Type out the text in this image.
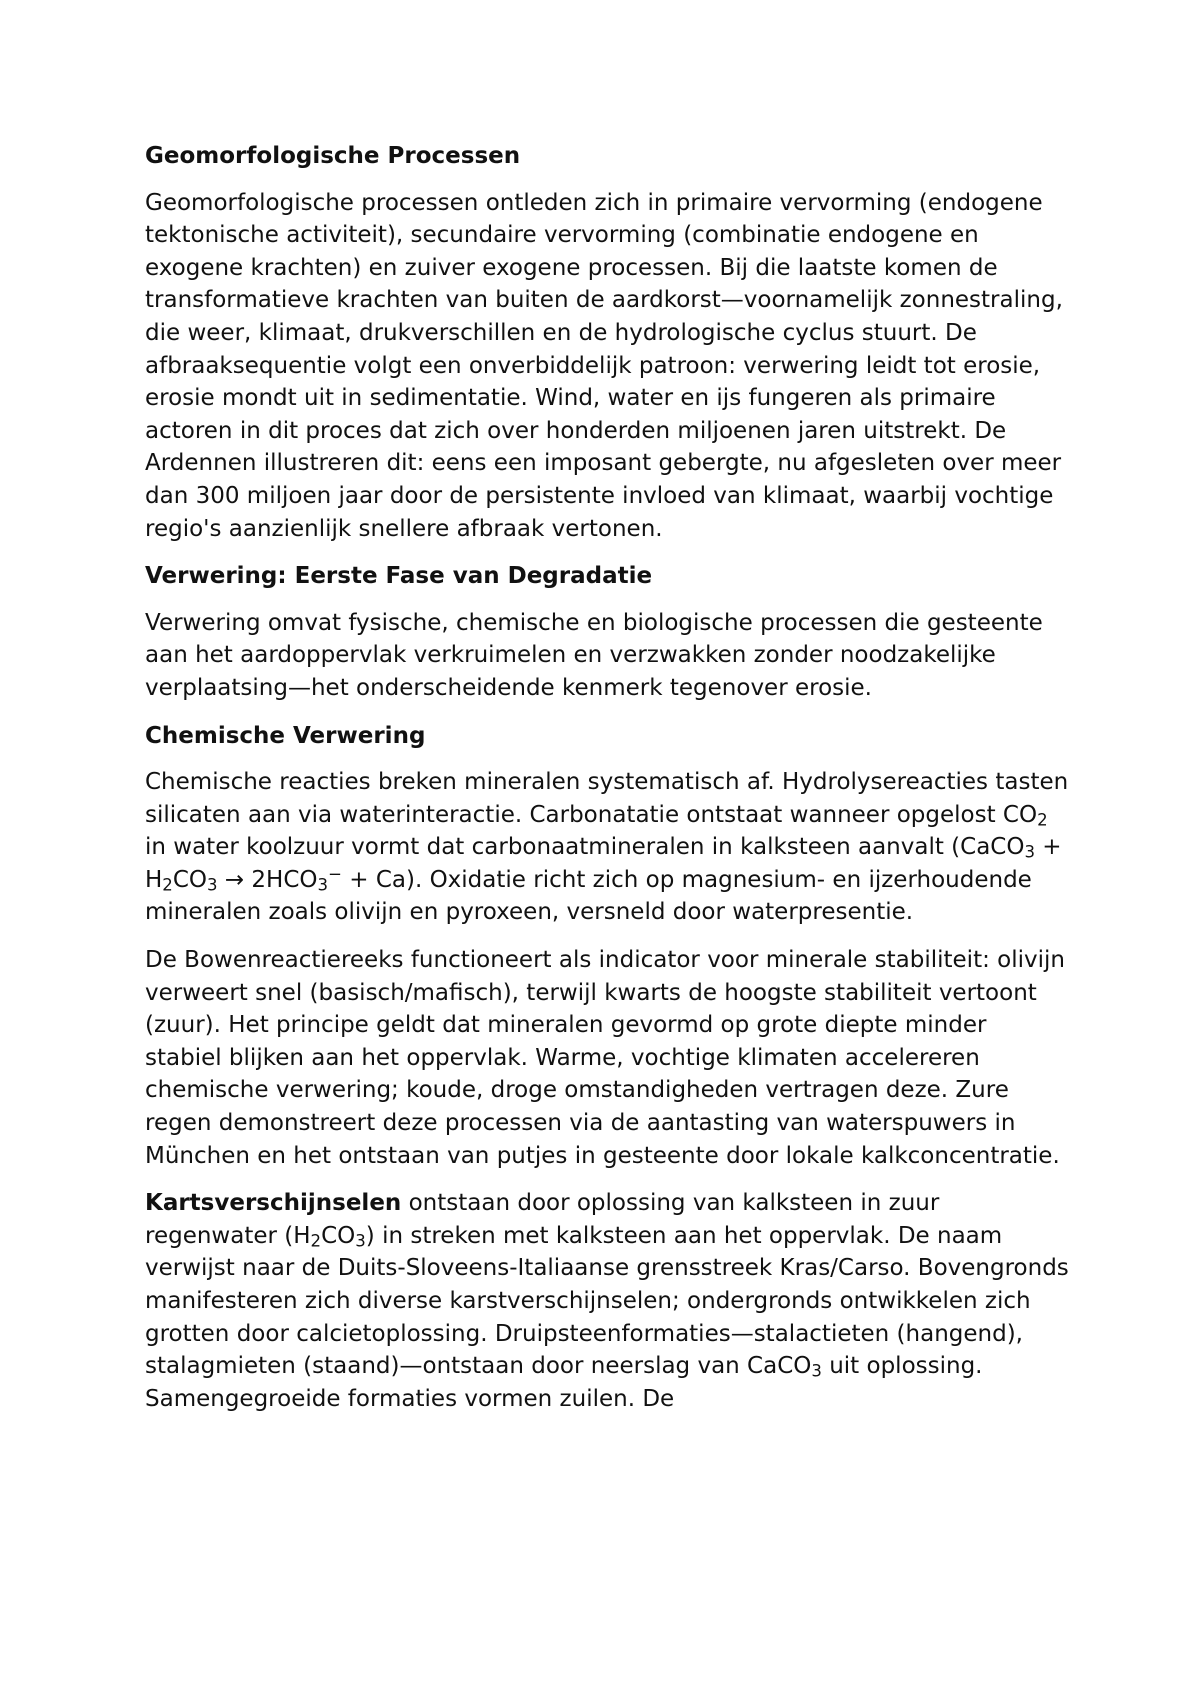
Geomorfologische Processen

Geomorfologische processen ontleden zich in primaire vervorming (endogene tektonische activiteit), secundaire vervorming (combinatie endogene en exogene krachten) en zuiver exogene processen. Bij die laatste komen de transformatieve krachten van buiten de aardkorst—voornamelijk zonnestraling, die weer, klimaat, drukverschillen en de hydrologische cyclus stuurt. De afbraaksequentie volgt een onverbiddelijk patroon: verwering leidt tot erosie, erosie mondt uit in sedimentatie. Wind, water en ijs fungeren als primaire actoren in dit proces dat zich over honderden miljoenen jaren uitstrekt. De Ardennen illustreren dit: eens een imposant gebergte, nu afgesleten over meer dan 300 miljoen jaar door de persistente invloed van klimaat, waarbij vochtige regio's aanzienlijk snellere afbraak vertonen.

Verwering: Eerste Fase van Degradatie

Verwering omvat fysische, chemische en biologische processen die gesteente aan het aardoppervlak verkruimelen en verzwakken zonder noodzakelijke verplaatsing—het onderscheidende kenmerk tegenover erosie.

Chemische Verwering

Chemische reacties breken mineralen systematisch af. Hydrolysereacties tasten silicaten aan via waterinteractie. Carbonatatie ontstaat wanneer opgelost $CO_2$ in water koolzuur vormt dat carbonaatmineralen in kalksteen aanvalt (CaCO$_3$ + $H_2CO_3 \to 2HCO_3^- + Ca$). Oxidatie richt zich op magnesium- en ijzerhoudende mineralen zoals olivijn en pyroxeen, versneld door waterpresentie.

De Bowenreactiereeks functioneert als indicator voor minerale stabiliteit: olivijn verweert snel (basisch/mafisch), terwijl kwarts de hoogste stabiliteit vertoont (zuur). Het principe geldt dat mineralen gevormd op grote diepte minder stabiel blijken aan het oppervlak. Warme, vochtige klimaten accelereren chemische verwering; koude, droge omstandigheden vertragen deze. Zure regen demonstreert deze processen via de aantasting van waterspuwers in München en het ontstaan van putjes in gesteente door lokale kalkconcentratie.

Kartsverschijnselen ontstaan door oplossing van kalksteen in zuur regenwater $(H_2CO_3)$ in streken met kalksteen aan het oppervlak. De naam verwijst naar de Duits-Sloveens-Italiaanse grensstreek Kras/Carso. Bovengronds manifesteren zich diverse karstverschijnselen; ondergronds ontwikkelen zich grotten door calcietoplossing. Druipsteenformaties—stalactieten (hangend), stalagmieten (staand)—ontstaan door neerslag van CaCO$_3$ uit oplossing. Samengegroeide formaties vormen zuilen. De
